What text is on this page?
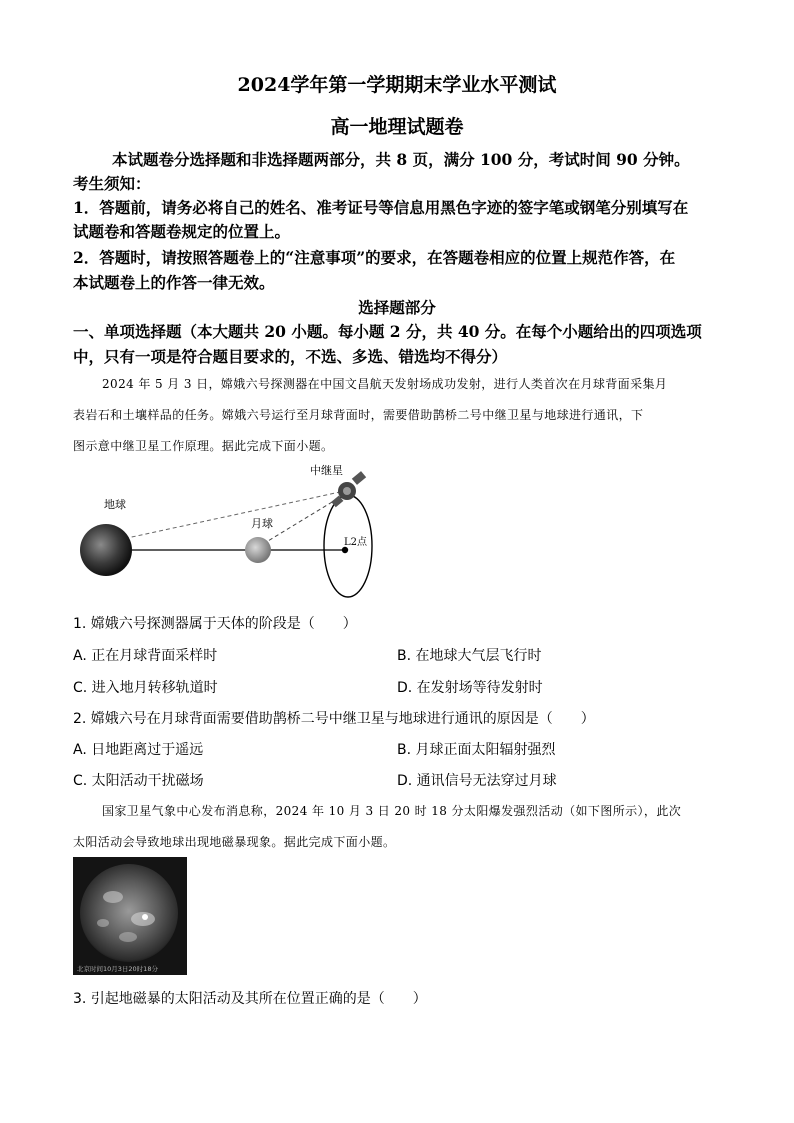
2024学年第一学期期末学业水平测试
高一地理试题卷
本试题卷分选择题和非选择题两部分，共 8 页，满分 100 分，考试时间 90 分钟。
考生须知：
1．答题前，请务必将自己的姓名、准考证号等信息用黑色字迹的签字笔或钢笔分别填写在
试题卷和答题卷规定的位置上。
2．答题时，请按照答题卷上的“注意事项”的要求，在答题卷相应的位置上规范作答，在
本试题卷上的作答一律无效。
选择题部分
一、单项选择题（本大题共 20 小题。每小题 2 分，共 40 分。在每个小题给出的四项选项
中，只有一项是符合题目要求的，不选、多选、错选均不得分）
2024 年 5 月 3 日，嫦娥六号探测器在中国文昌航天发射场成功发射，进行人类首次在月球背面采集月
表岩石和土壤样品的任务。嫦娥六号运行至月球背面时，需要借助鹊桥二号中继卫星与地球进行通讯，下
图示意中继卫星工作原理。据此完成下面小题。
地球
月球
中继星
L2点
1. 嫦娥六号探测器属于天体的阶段是（　　）
A. 正在月球背面采样时	B. 在地球大气层飞行时
C. 进入地月转移轨道时	D. 在发射场等待发射时
2. 嫦娥六号在月球背面需要借助鹊桥二号中继卫星与地球进行通讯的原因是（　　）
A. 日地距离过于遥远	B. 月球正面太阳辐射强烈
C. 太阳活动干扰磁场	D. 通讯信号无法穿过月球
国家卫星气象中心发布消息称，2024 年 10 月 3 日 20 时 18 分太阳爆发强烈活动（如下图所示），此次
太阳活动会导致地球出现地磁暴现象。据此完成下面小题。
北京时间10月3日20时18分
3. 引起地磁暴的太阳活动及其所在位置正确的是（　　）
